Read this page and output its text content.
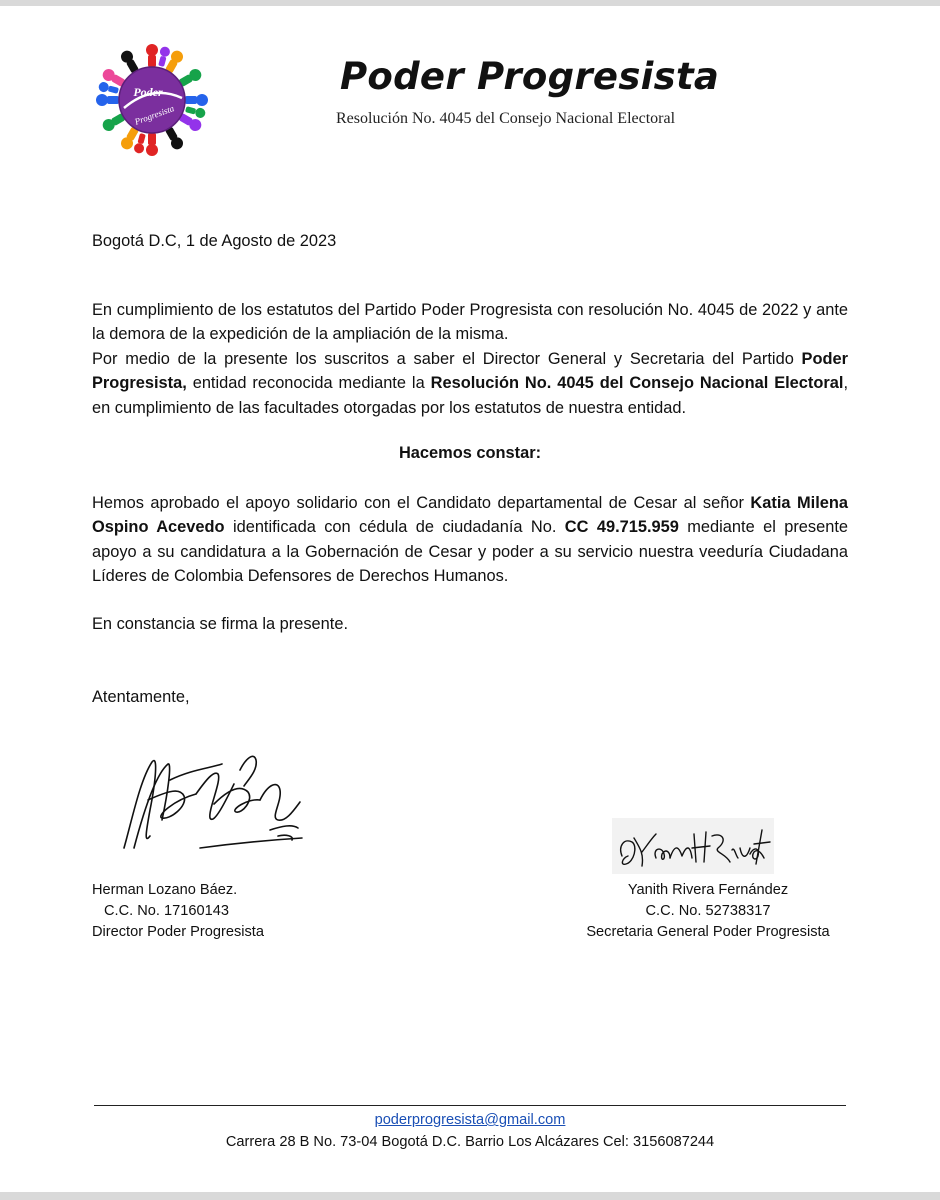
Poder
Progresista
Poder Progresista
Resolución No. 4045 del Consejo Nacional Electoral
Bogotá D.C, 1 de Agosto de 2023
En cumplimiento de los estatutos del Partido Poder Progresista con resolución No. 4045 de 2022 y ante la demora de la expedición de la ampliación de la misma.
Por medio de la presente los suscritos a saber el Director General y Secretaria del Partido Poder Progresista, entidad reconocida mediante la Resolución No. 4045 del Consejo Nacional Electoral, en cumplimiento de las facultades otorgadas por los estatutos de nuestra entidad.
Hacemos constar:
Hemos aprobado el apoyo solidario con el Candidato departamental de Cesar al señor Katia Milena Ospino Acevedo identificada con cédula de ciudadanía No. CC 49.715.959 mediante el presente apoyo a su candidatura a la Gobernación de Cesar y poder a su servicio nuestra veeduría Ciudadana Líderes de Colombia Defensores de Derechos Humanos.
En constancia se firma la presente.
Atentamente,
Herman Lozano Báez.
C.C. No. 17160143
Director Poder Progresista
Yanith Rivera Fernández
C.C. No. 52738317
Secretaria General Poder Progresista
poderprogresista@gmail.com
Carrera 28 B No. 73-04 Bogotá D.C. Barrio Los Alcázares Cel: 3156087244
